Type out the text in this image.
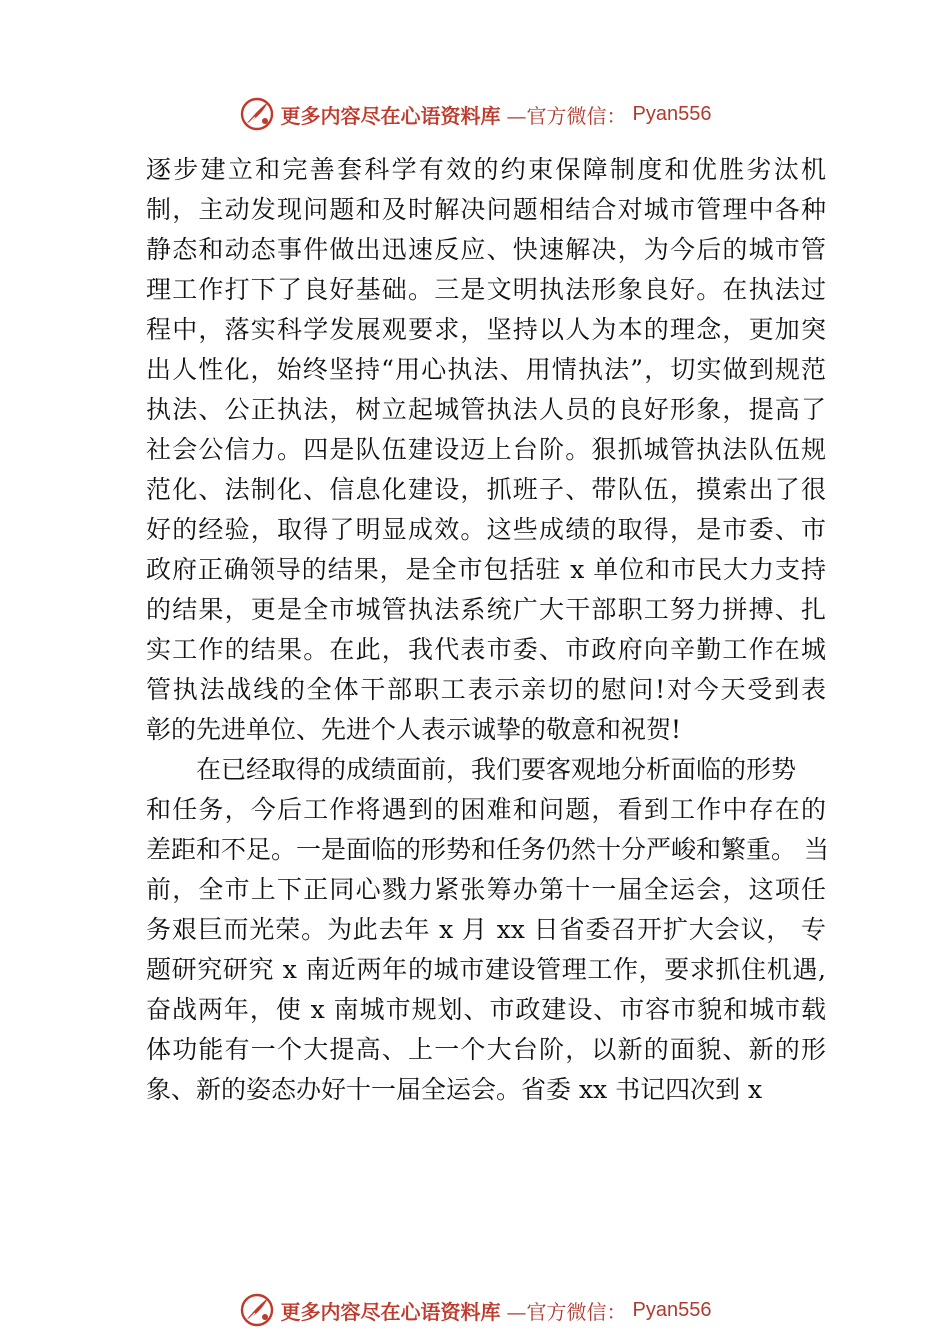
更多内容尽在心语资料库 —官方微信： Pyan556
逐步建立和完善套科学有效的约束保障制度和优胜劣汰机
制，主动发现问题和及时解决问题相结合对城市管理中各种
静态和动态事件做出迅速反应、快速解决，为今后的城市管
理工作打下了良好基础。三是文明执法形象良好。在执法过
程中，落实科学发展观要求，坚持以人为本的理念，更加突
出人性化，始终坚持“用心执法、用情执法”，切实做到规范
执法、公正执法，树立起城管执法人员的良好形象，提高了
社会公信力。四是队伍建设迈上台阶。狠抓城管执法队伍规
范化、法制化、信息化建设，抓班子、带队伍，摸索出了很
好的经验，取得了明显成效。这些成绩的取得，是市委、市
政府正确领导的结果，是全市包括驻 x 单位和市民大力支持
的结果，更是全市城管执法系统广大干部职工努力拼搏、扎
实工作的结果。在此，我代表市委、市政府向辛勤工作在城
管执法战线的全体干部职工表示亲切的慰问!对今天受到表
彰的先进单位、先进个人表示诚挚的敬意和祝贺!
在已经取得的成绩面前，我们要客观地分析面临的形势
和任务，今后工作将遇到的困难和问题，看到工作中存在的
差距和不足。一是面临的形势和任务仍然十分严峻和繁重。 当
前，全市上下正同心戮力紧张筹办第十一届全运会，这项任
务艰巨而光荣。为此去年 x 月 xx 日省委召开扩大会议， 专
题研究研究 x 南近两年的城市建设管理工作，要求抓住机遇,
奋战两年，使 x 南城市规划、市政建设、市容市貌和城市载
体功能有一个大提高、上一个大台阶，以新的面貌、新的形
象、新的姿态办好十一届全运会。省委 xx 书记四次到 x
更多内容尽在心语资料库 —官方微信： Pyan556
